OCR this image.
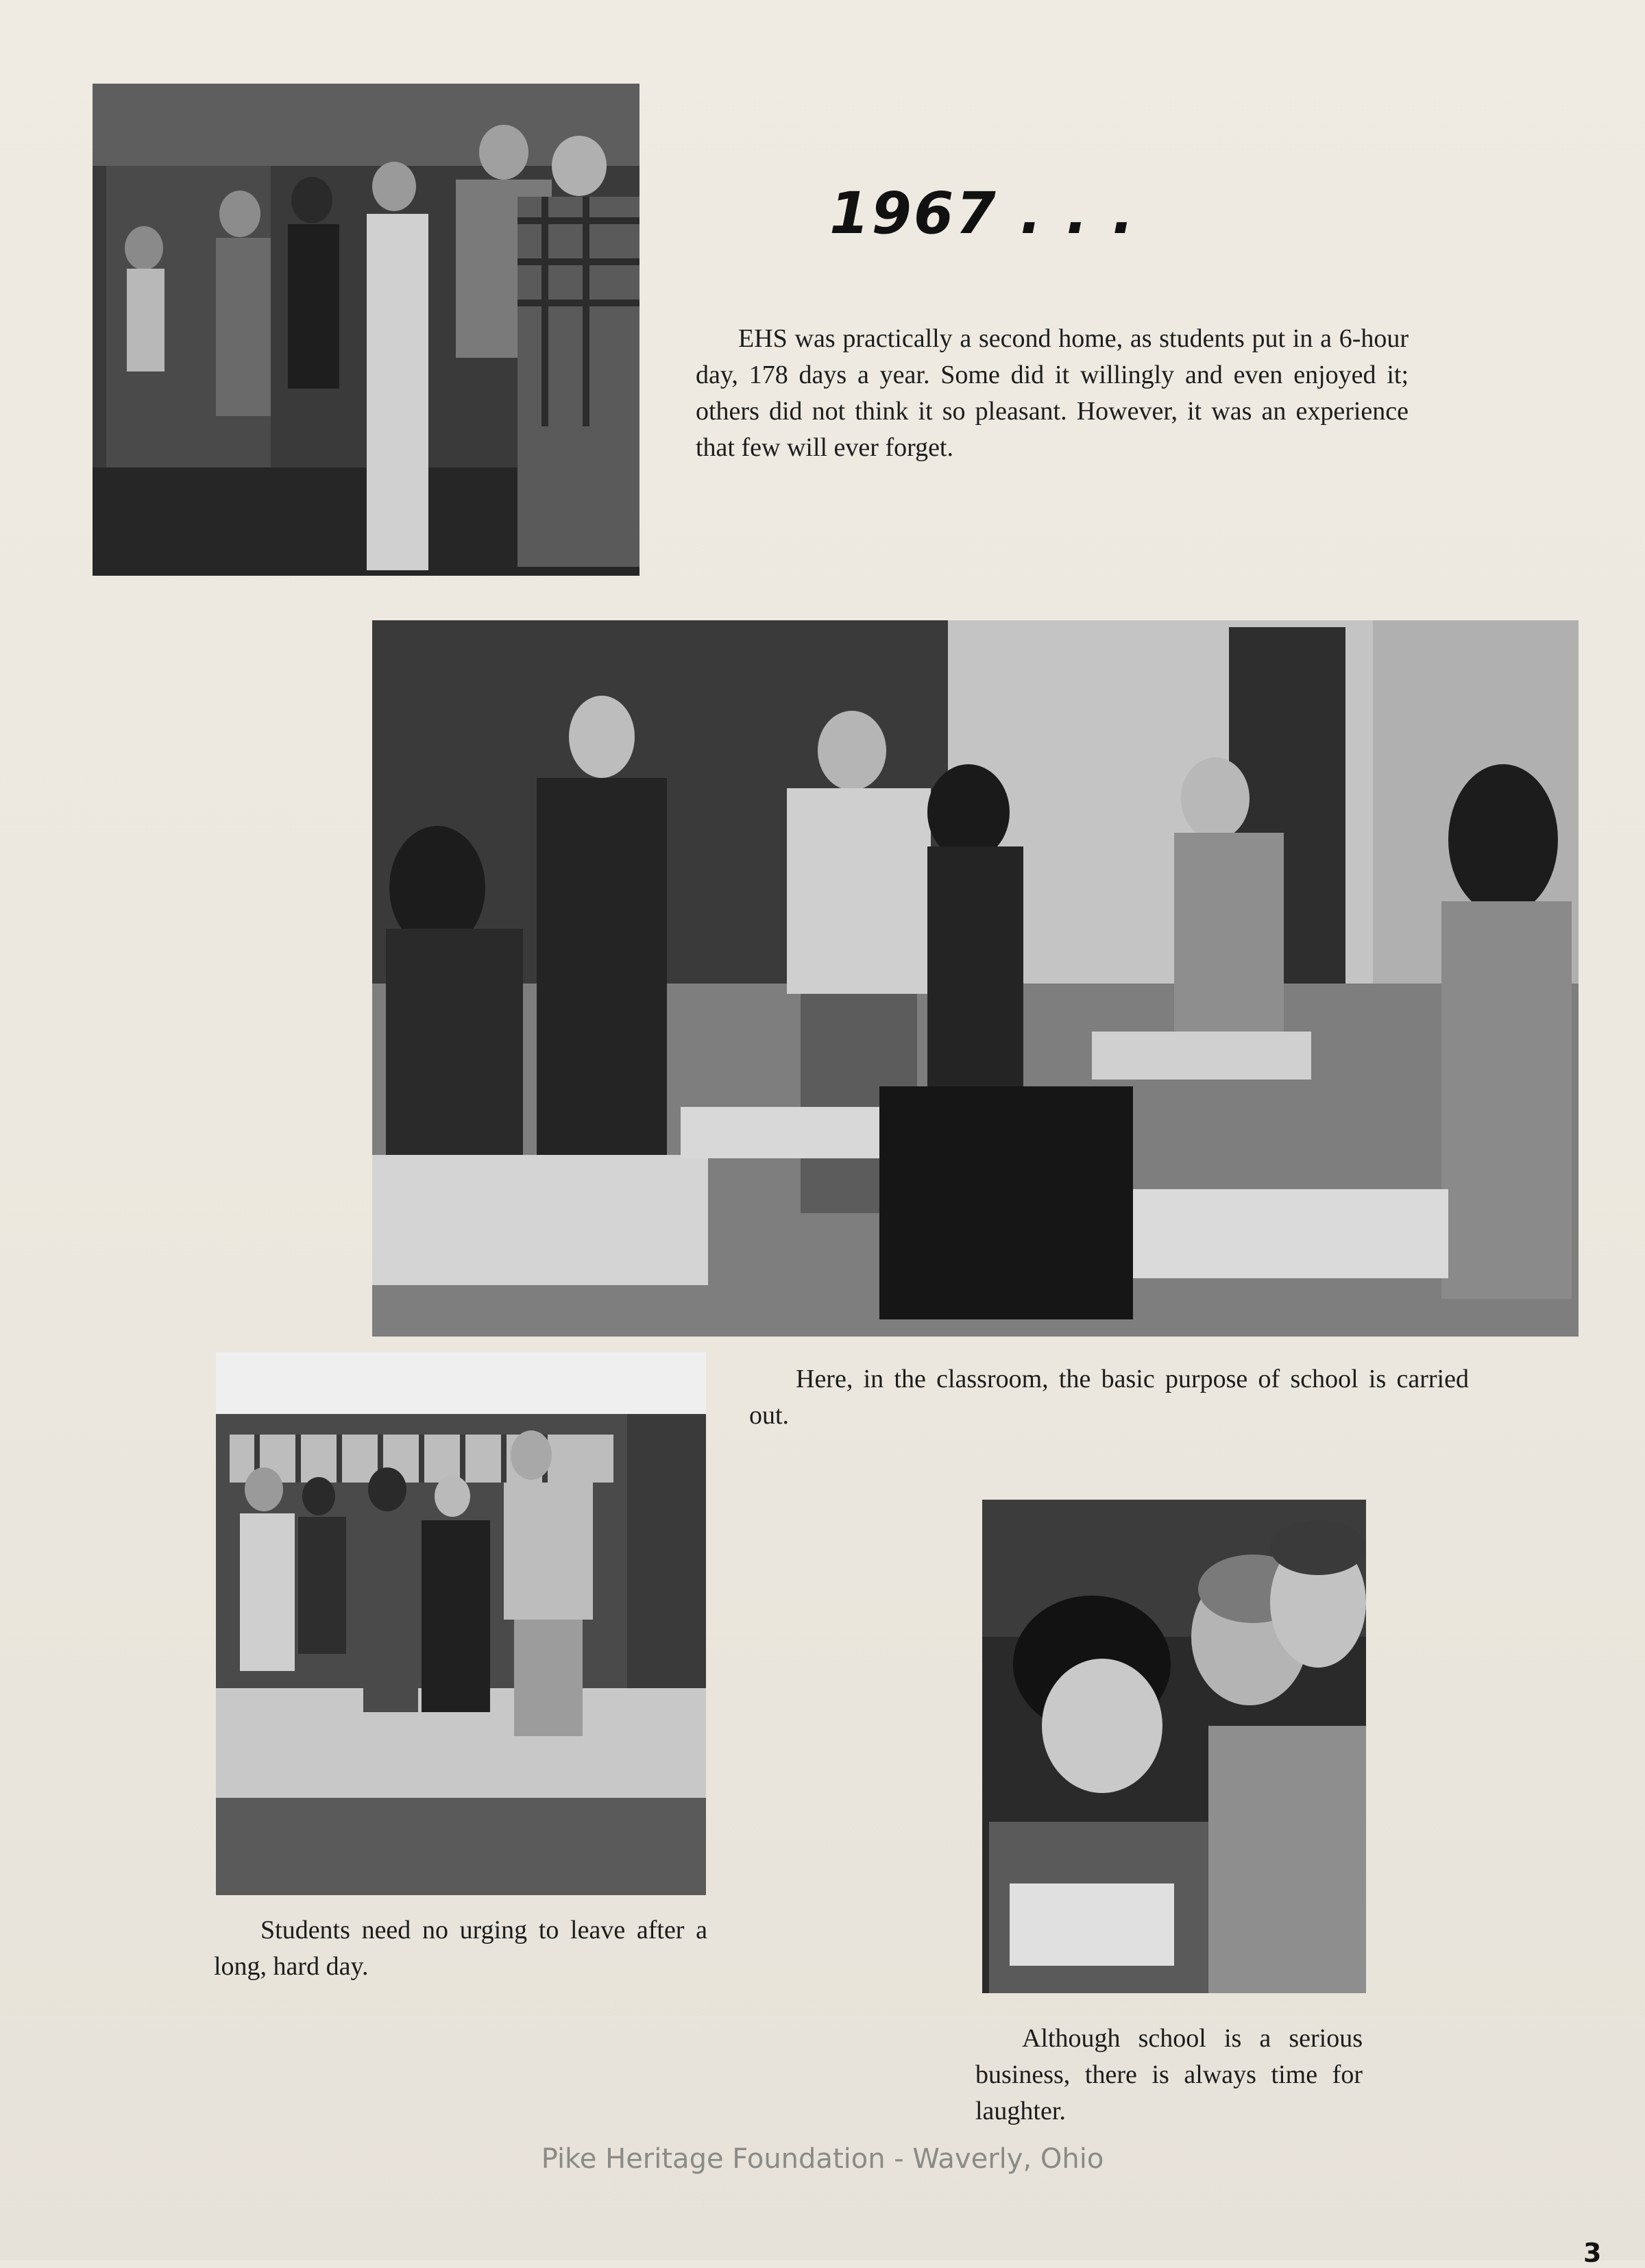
1967 . . .
EHS was practically a second home, as students put in a 6-hour day, 178 days a year. Some did it willingly and even enjoyed it; others did not think it so pleasant. However, it was an experience that few will ever forget.
Here, in the classroom, the basic purpose of school is carried out.
Students need no urging to leave after a long, hard day.
Although school is a serious business, there is always time for laughter.
Pike Heritage Foundation - Waverly, Ohio
3
